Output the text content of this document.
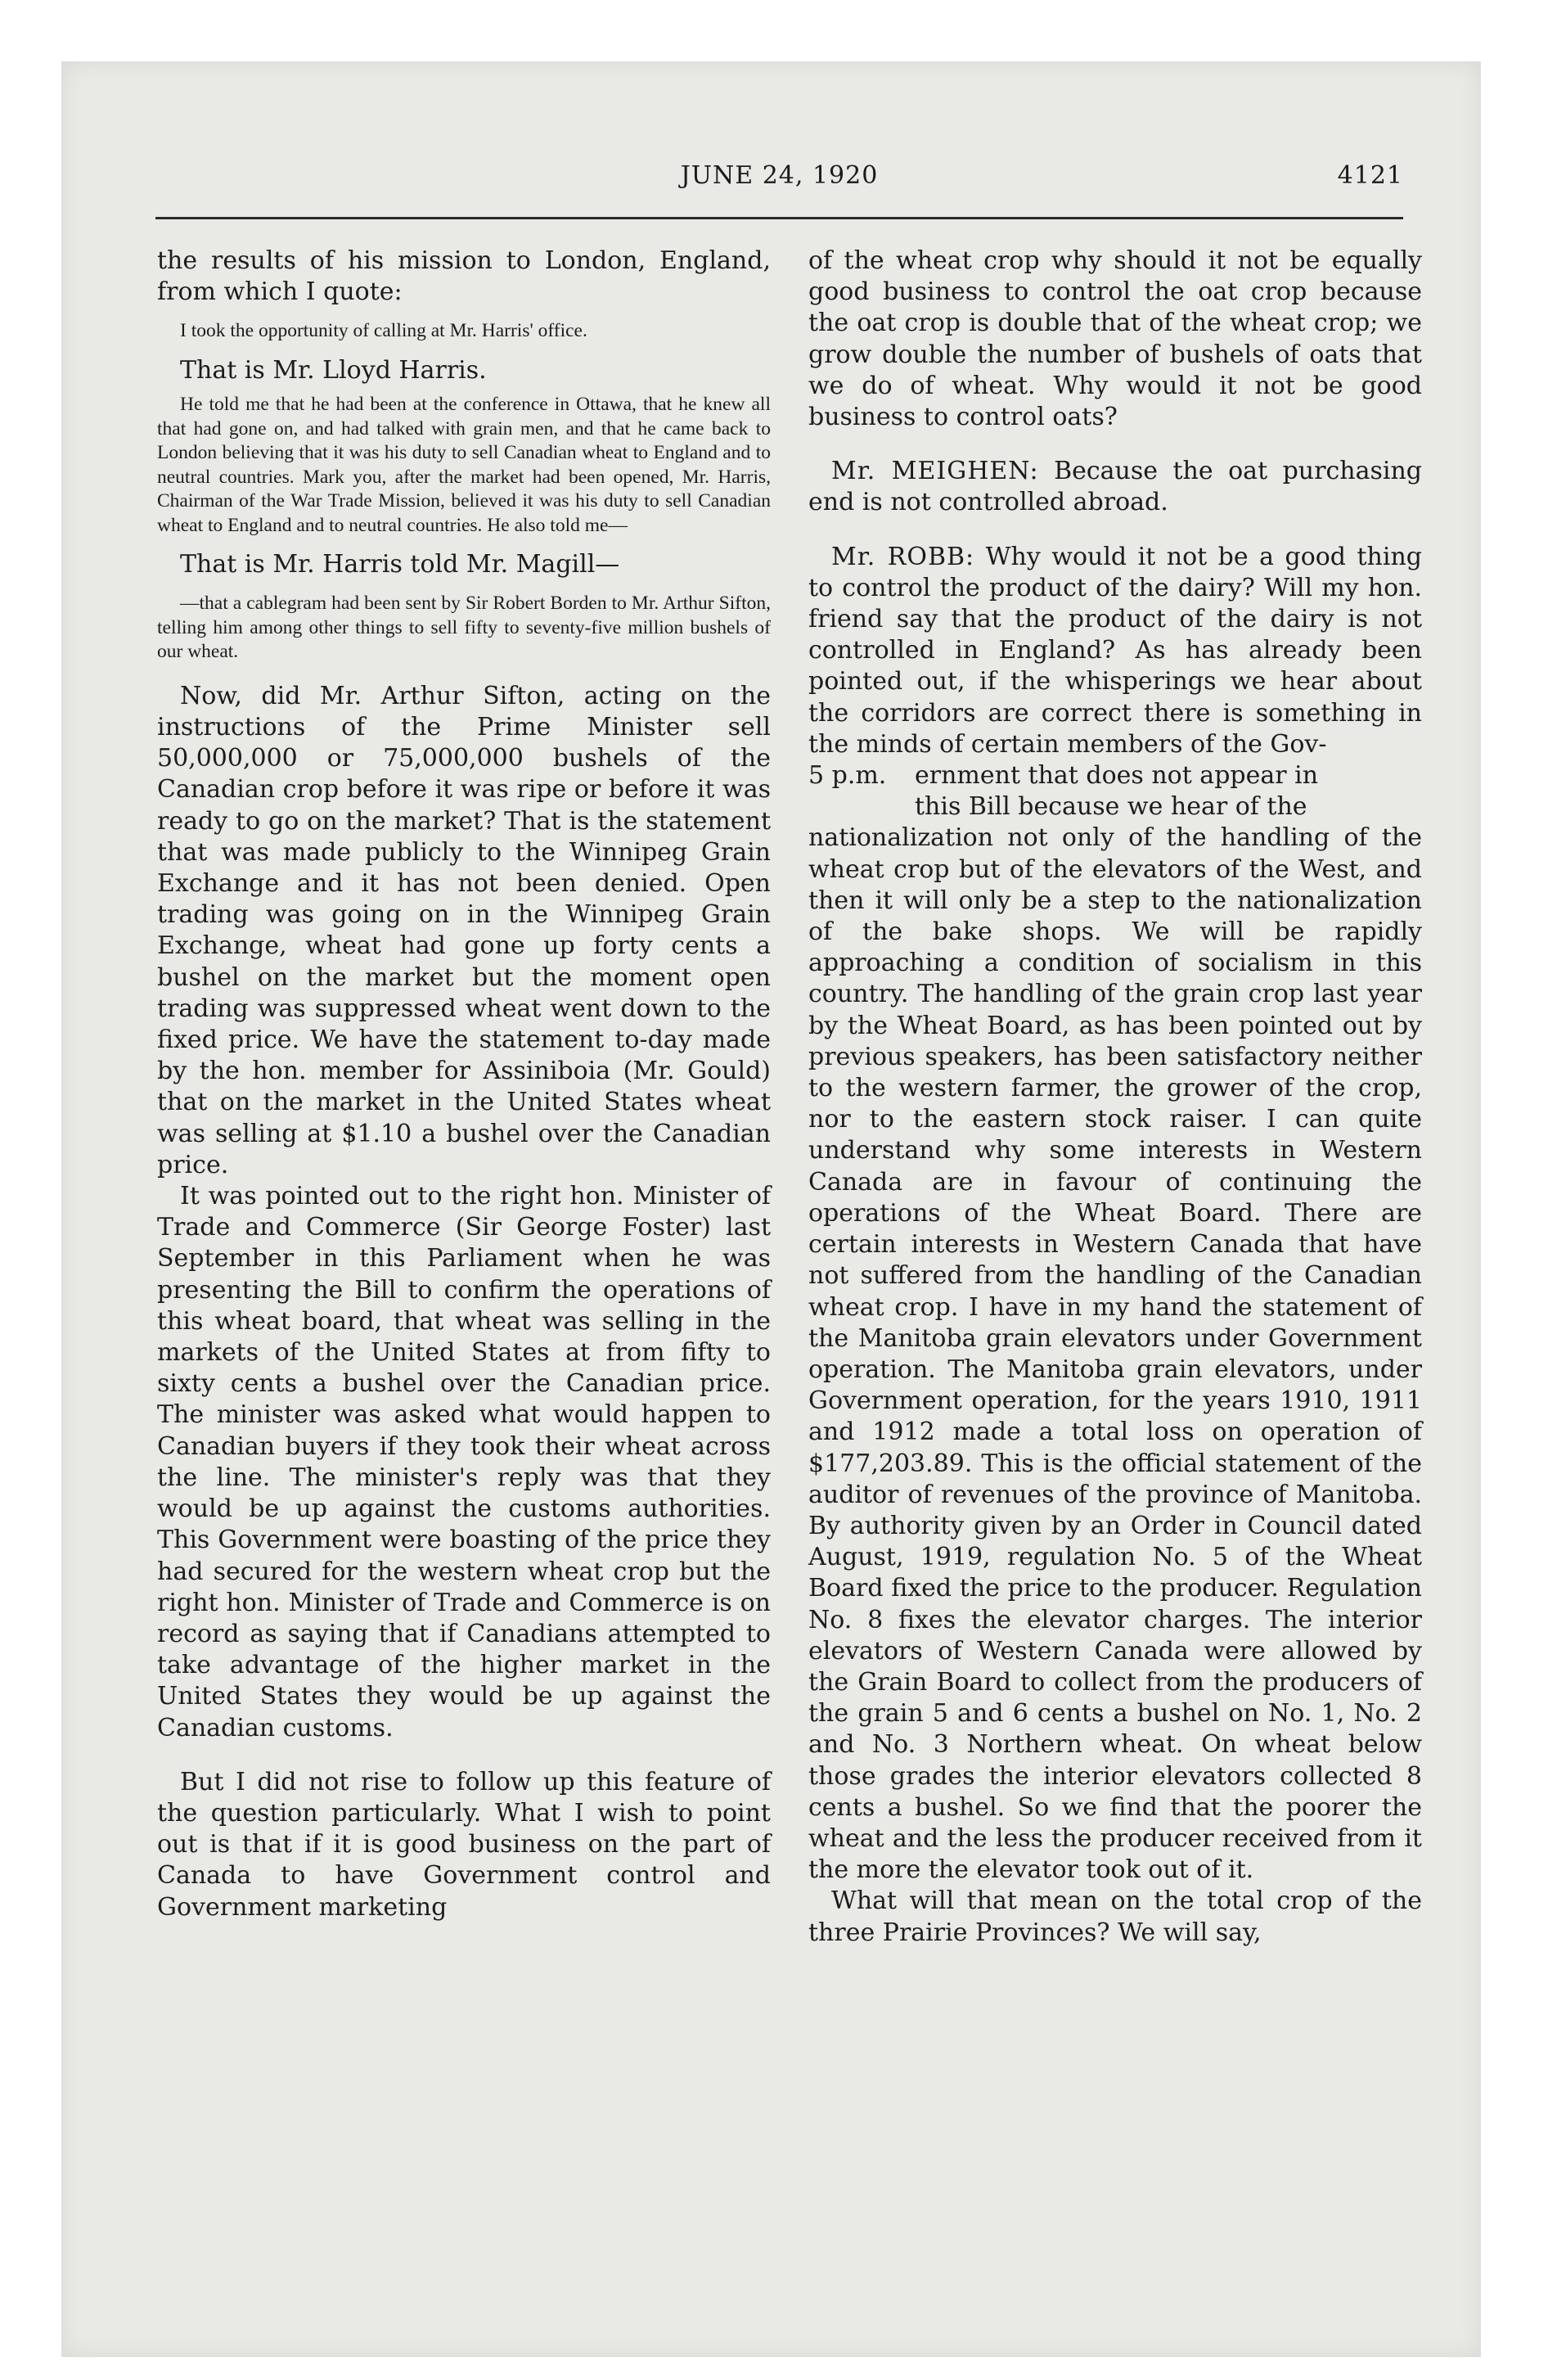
JUNE 24, 1920	4121

the results of his mission to London, England, from which I quote:

I took the opportunity of calling at Mr. Harris' office.

That is Mr. Lloyd Harris.

He told me that he had been at the conference in Ottawa, that he knew all that had gone on, and had talked with grain men, and that he came back to London believing that it was his duty to sell Canadian wheat to England and to neutral countries. Mark you, after the market had been opened, Mr. Harris, Chairman of the War Trade Mission, believed it was his duty to sell Canadian wheat to England and to neutral countries. He also told me—

That is Mr. Harris told Mr. Magill—

—that a cablegram had been sent by Sir Robert Borden to Mr. Arthur Sifton, telling him among other things to sell fifty to seventy-five million bushels of our wheat.

Now, did Mr. Arthur Sifton, acting on the instructions of the Prime Minister sell 50,000,000 or 75,000,000 bushels of the Canadian crop before it was ripe or before it was ready to go on the market? That is the statement that was made publicly to the Winnipeg Grain Exchange and it has not been denied. Open trading was going on in the Winnipeg Grain Exchange, wheat had gone up forty cents a bushel on the market but the moment open trading was suppressed wheat went down to the fixed price. We have the statement to-day made by the hon. member for Assiniboia (Mr. Gould) that on the market in the United States wheat was selling at $1.10 a bushel over the Canadian price.

It was pointed out to the right hon. Minister of Trade and Commerce (Sir George Foster) last September in this Parliament when he was presenting the Bill to confirm the operations of this wheat board, that wheat was selling in the markets of the United States at from fifty to sixty cents a bushel over the Canadian price. The minister was asked what would happen to Canadian buyers if they took their wheat across the line. The minister's reply was that they would be up against the customs authorities. This Government were boasting of the price they had secured for the western wheat crop but the right hon. Minister of Trade and Commerce is on record as saying that if Canadians attempted to take advantage of the higher market in the United States they would be up against the Canadian customs.

But I did not rise to follow up this feature of the question particularly. What I wish to point out is that if it is good business on the part of Canada to have Government control and Government marketing

of the wheat crop why should it not be equally good business to control the oat crop because the oat crop is double that of the wheat crop; we grow double the number of bushels of oats that we do of wheat. Why would it not be good business to control oats?

Mr. MEIGHEN: Because the oat purchasing end is not controlled abroad.

Mr. ROBB: Why would it not be a good thing to control the product of the dairy? Will my hon. friend say that the product of the dairy is not controlled in England? As has already been pointed out, if the whisperings we hear about the corridors are correct there is something in the minds of certain members of the Gov-

5 p.m.	ernment that does not appear in
this Bill because we hear of the

nationalization not only of the handling of the wheat crop but of the elevators of the West, and then it will only be a step to the nationalization of the bake shops. We will be rapidly approaching a condition of socialism in this country. The handling of the grain crop last year by the Wheat Board, as has been pointed out by previous speakers, has been satisfactory neither to the western farmer, the grower of the crop, nor to the eastern stock raiser. I can quite understand why some interests in Western Canada are in favour of continuing the operations of the Wheat Board. There are certain interests in Western Canada that have not suffered from the handling of the Canadian wheat crop. I have in my hand the statement of the Manitoba grain elevators under Government operation. The Manitoba grain elevators, under Government operation, for the years 1910, 1911 and 1912 made a total loss on operation of $177,203.89. This is the official statement of the auditor of revenues of the province of Manitoba. By authority given by an Order in Council dated August, 1919, regulation No. 5 of the Wheat Board fixed the price to the producer. Regulation No. 8 fixes the elevator charges. The interior elevators of Western Canada were allowed by the Grain Board to collect from the producers of the grain 5 and 6 cents a bushel on No. 1, No. 2 and No. 3 Northern wheat. On wheat below those grades the interior elevators collected 8 cents a bushel. So we find that the poorer the wheat and the less the producer received from it the more the elevator took out of it.

What will that mean on the total crop of the three Prairie Provinces? We will say,
